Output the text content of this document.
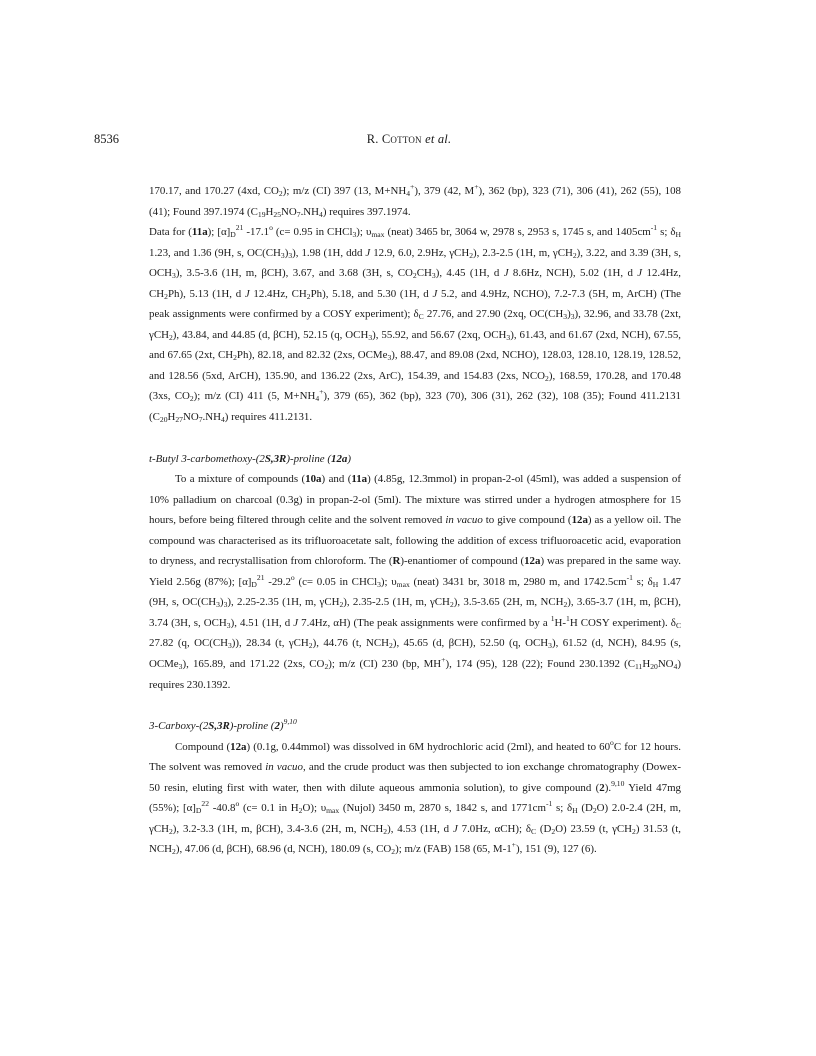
8536	R. Cotton et al.

170.17, and 170.27 (4xd, $CO_2$); m/z (CI) 397 (13, $M+NH_4^+$), 379 (42, M+), 362 (bp), 323 (71), 306 (41), 262 (55), 108 (41); Found 397.1974 $(C_{19}H_{25}NO_7.NH_4)$ requires 397.1974.

Data for (11a); $[\alpha]_D^{21}$ -17.1$^o$ (c= 0.95 in CHCl$_3$); $\upsilon_{max}$ (neat) 3465 br, 3064 w, 2978 s, 2953 s, 1745 s, and $1405cm^{-1}$ s; $\delta_H$ 1.23, and 1.36 (9H, s, $OC(CH_3)_3$), 1.98 (1H, ddd J 12.9, 6.0, 2.9Hz, γCH$_2$), 2.3-2.5 (1H, m, γCH$_2$), 3.22, and 3.39 (3H, s, $OCH_3$), 3.5-3.6 (1H, m, βCH), 3.67, and 3.68 (3H, s, $CO_2CH_3$), 4.45 (1H, d J 8.6Hz, NCH), 5.02 (1H, d J 12.4Hz, $CH_2Ph$), 5.13 (1H, d J 12.4Hz, $CH_2Ph$), 5.18, and 5.30 (1H, d J 5.2, and 4.9Hz, NCHO), 7.2-7.3 (5H, m, ArCH) (The peak assignments were confirmed by a COSY experiment); $\delta_C$ 27.76, and 27.90 (2xq, $OC(CH_3)_3$), 32.96, and 33.78 (2xt, γCH$_2$), 43.84, and 44.85 (d, βCH), 52.15 (q, $OCH_3$), 55.92, and 56.67 (2xq, $OCH_3$), 61.43, and 61.67 (2xd, NCH), 67.55, and 67.65 (2xt, $CH_2Ph$), 82.18, and 82.32 (2xs, OCMe$_3$), 88.47, and 89.08 (2xd, NCHO), 128.03, 128.10, 128.19, 128.52, and 128.56 (5xd, ArCH), 135.90, and 136.22 (2xs, ArC), 154.39, and 154.83 (2xs, $NCO_2$), 168.59, 170.28, and 170.48 (3xs, $CO_2$); m/z (CI) 411 (5, $M+NH_4^+$), 379 (65), 362 (bp), 323 (70), 306 (31), 262 (32), 108 (35); Found 411.2131 $(C_{20}H_{27}NO_7.NH_4)$ requires 411.2131.

t-Butyl 3-carbomethoxy-(2S,3R)-proline (12a)

To a mixture of compounds (10a) and (11a) (4.85g, 12.3mmol) in propan-2-ol (45ml), was added a suspension of 10% palladium on charcoal (0.3g) in propan-2-ol (5ml). The mixture was stirred under a hydrogen atmosphere for 15 hours, before being filtered through celite and the solvent removed in vacuo to give compound (12a) as a yellow oil. The compound was characterised as its trifluoroacetate salt, following the addition of excess trifluoroacetic acid, evaporation to dryness, and recrystallisation from chloroform. The (R)-enantiomer of compound (12a) was prepared in the same way. Yield 2.56g (87%); $[\alpha]_D^{21}$ -29.2$^o$ (c= 0.05 in CHCl$_3$); $\upsilon_{max}$ (neat) 3431 br, 3018 m, 2980 m, and $1742.5cm^{-1}$ s; $\delta_H$ 1.47 (9H, s, $OC(CH_3)_3$), 2.25-2.35 (1H, m, γCH$_2$), 2.35-2.5 (1H, m, γCH$_2$), 3.5-3.65 (2H, m, $NCH_2$), 3.65-3.7 (1H, m, βCH), 3.74 (3H, s, $OCH_3$), 4.51 (1H, d J 7.4Hz, αH) (The peak assignments were confirmed by a $^1$H-$^1$H COSY experiment). $\delta_C$ 27.82 (q, $OC(CH_3)$), 28.34 (t, γCH$_2$), 44.76 (t, $NCH_2$), 45.65 (d, βCH), 52.50 (q, $OCH_3$), 61.52 (d, NCH), 84.95 (s, OCMe$_3$), 165.89, and 171.22 (2xs, $CO_2$); m/z (CI) 230 (bp, MH+), 174 (95), 128 (22); Found 230.1392 $(C_{11}H_{20}NO_4)$ requires 230.1392.

3-Carboxy-(2S,3R)-proline $(2)^{9,10}$

Compound (12a) (0.1g, 0.44mmol) was dissolved in 6M hydrochloric acid (2ml), and heated to 60$^o$C for 12 hours. The solvent was removed in vacuo, and the crude product was then subjected to ion exchange chromatography (Dowex-50 resin, eluting first with water, then with dilute aqueous ammonia solution), to give compound (2).$^{9,10}$ Yield 47mg (55%); $[\alpha]_D^{22}$ -40.8$^o$ (c= 0.1 in $H_2O$); $\upsilon_{max}$ (Nujol) 3450 m, 2870 s, 1842 s, and $1771cm^{-1}$ s; $\delta_H$ $(D_2O)$ 2.0-2.4 (2H, m, γCH$_2$), 3.2-3.3 (1H, m, βCH), 3.4-3.6 (2H, m, $NCH_2$), 4.53 (1H, d J 7.0Hz, αCH); $\delta_C$ $(D_2O)$ 23.59 (t, γCH$_2$) 31.53 (t, $NCH_2$), 47.06 (d, βCH), 68.96 (d, NCH), 180.09 (s, $CO_2$); m/z (FAB) 158 (65, M-1+), 151 (9), 127 (6).
